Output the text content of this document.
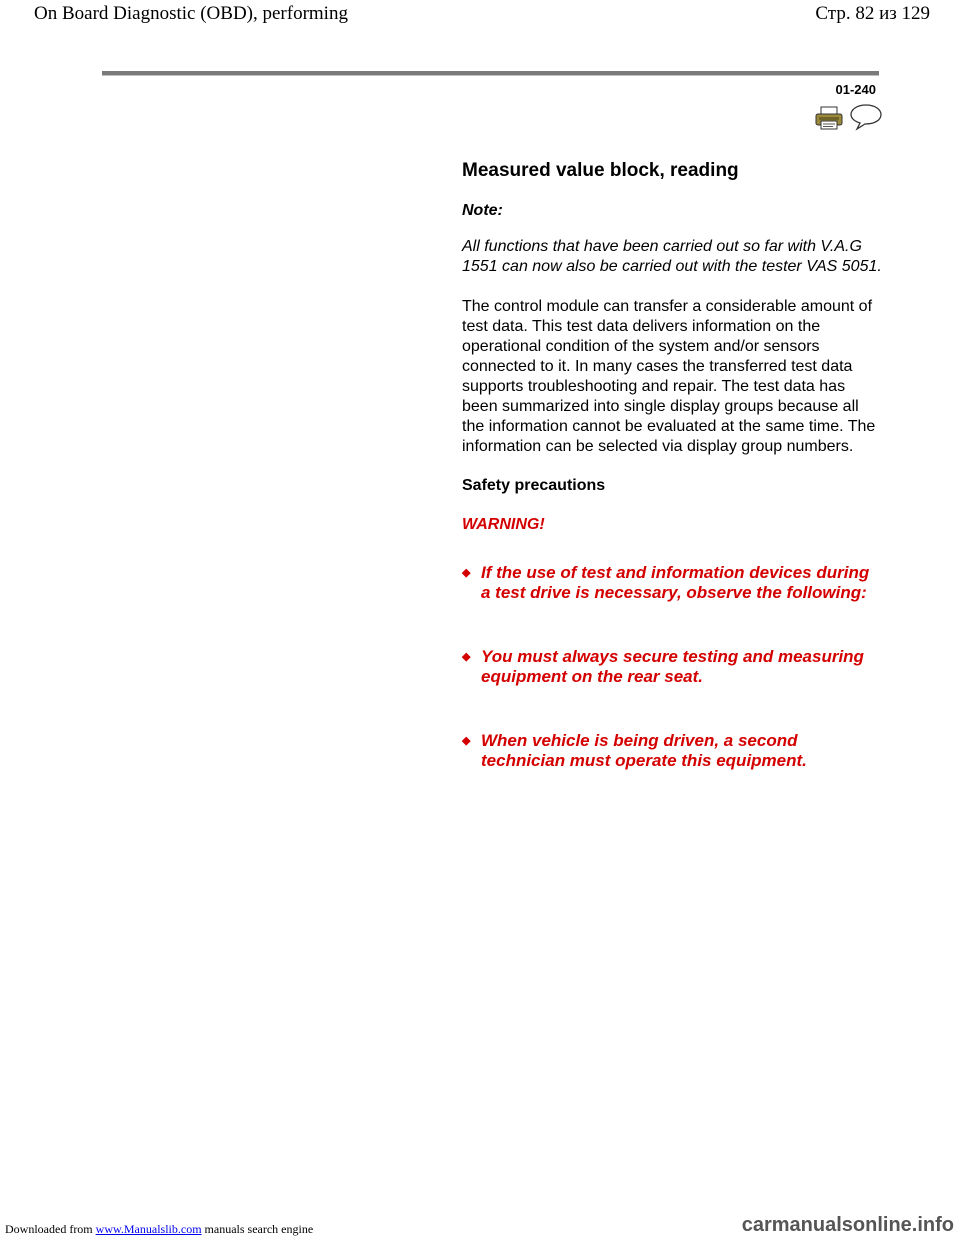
On Board Diagnostic (OBD), performing	Стр. 82 из 129
01-240
Measured value block, reading
Note:

All functions that have been carried out so far with V.A.G 1551 can now also be carried out with the tester VAS 5051.

The control module can transfer a considerable amount of test data. This test data delivers information on the operational condition of the system and/or sensors connected to it. In many cases the transferred test data supports troubleshooting and repair. The test data has been summarized into single display groups because all the information cannot be evaluated at the same time. The information can be selected via display group numbers.

Safety precautions
WARNING!
◆ If the use of test and information devices during a test drive is necessary, observe the following:
◆ You must always secure testing and measuring equipment on the rear seat.
◆ When vehicle is being driven, a second technician must operate this equipment.
Downloaded from www.Manualslib.com manuals search engine	carmanualsonline.info
